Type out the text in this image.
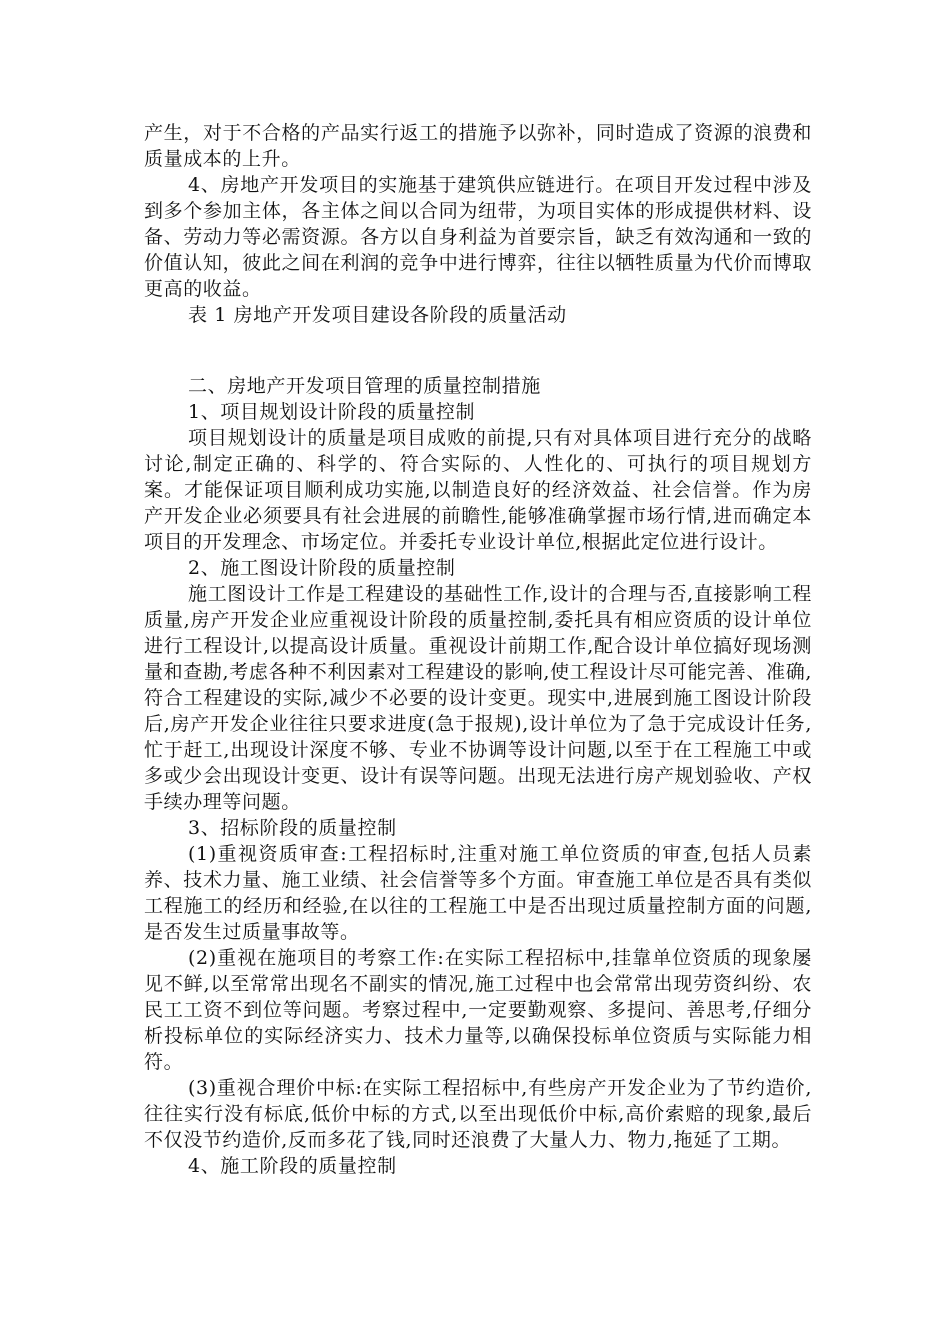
产生，对于不合格的产品实行返工的措施予以弥补，同时造成了资源的浪费和质量成本的上升。

4、房地产开发项目的实施基于建筑供应链进行。在项目开发过程中涉及到多个参加主体，各主体之间以合同为纽带，为项目实体的形成提供材料、设备、劳动力等必需资源。各方以自身利益为首要宗旨，缺乏有效沟通和一致的价值认知，彼此之间在利润的竞争中进行博弈，往往以牺牲质量为代价而博取更高的收益。

表 1 房地产开发项目建设各阶段的质量活动

二、房地产开发项目管理的质量控制措施

1、项目规划设计阶段的质量控制

项目规划设计的质量是项目成败的前提,只有对具体项目进行充分的战略讨论,制定正确的、科学的、符合实际的、人性化的、可执行的项目规划方案。才能保证项目顺利成功实施,以制造良好的经济效益、社会信誉。作为房产开发企业必须要具有社会进展的前瞻性,能够准确掌握市场行情,进而确定本项目的开发理念、市场定位。并委托专业设计单位,根据此定位进行设计。

2、施工图设计阶段的质量控制

施工图设计工作是工程建设的基础性工作,设计的合理与否,直接影响工程质量,房产开发企业应重视设计阶段的质量控制,委托具有相应资质的设计单位进行工程设计,以提高设计质量。重视设计前期工作,配合设计单位搞好现场测量和查勘,考虑各种不利因素对工程建设的影响,使工程设计尽可能完善、准确,符合工程建设的实际,减少不必要的设计变更。现实中,进展到施工图设计阶段后,房产开发企业往往只要求进度(急于报规),设计单位为了急于完成设计任务,忙于赶工,出现设计深度不够、专业不协调等设计问题,以至于在工程施工中或多或少会出现设计变更、设计有误等问题。出现无法进行房产规划验收、产权手续办理等问题。

3、招标阶段的质量控制

(1)重视资质审查:工程招标时,注重对施工单位资质的审查,包括人员素养、技术力量、施工业绩、社会信誉等多个方面。审查施工单位是否具有类似工程施工的经历和经验,在以往的工程施工中是否出现过质量控制方面的问题,是否发生过质量事故等。

(2)重视在施项目的考察工作:在实际工程招标中,挂靠单位资质的现象屡见不鲜,以至常常出现名不副实的情况,施工过程中也会常常出现劳资纠纷、农民工工资不到位等问题。考察过程中,一定要勤观察、多提问、善思考,仔细分析投标单位的实际经济实力、技术力量等,以确保投标单位资质与实际能力相符。

(3)重视合理价中标:在实际工程招标中,有些房产开发企业为了节约造价,往往实行没有标底,低价中标的方式,以至出现低价中标,高价索赔的现象,最后不仅没节约造价,反而多花了钱,同时还浪费了大量人力、物力,拖延了工期。

4、施工阶段的质量控制
